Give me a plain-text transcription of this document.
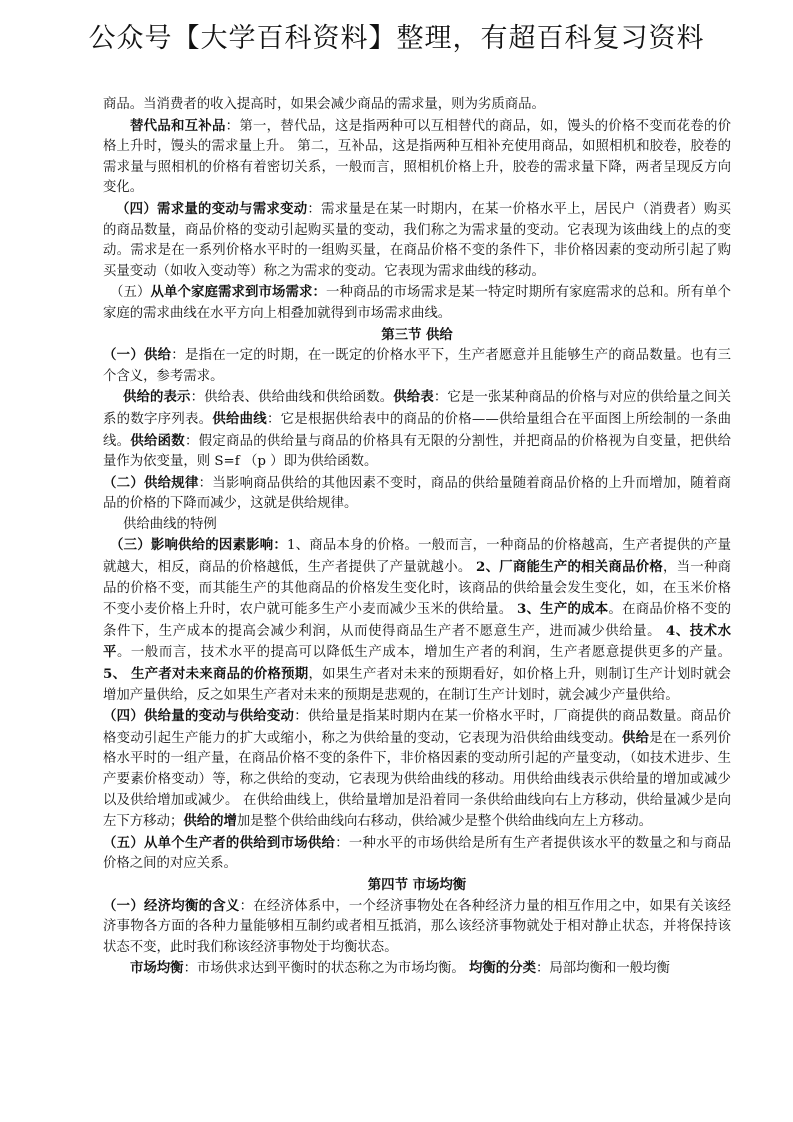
公众号【大学百科资料】整理，有超百科复习资料

商品。当消费者的收入提高时，如果会减少商品的需求量，则为劣质商品。

替代品和互补品：第一，替代品，这是指两种可以互相替代的商品，如，馒头的价格不变而花卷的价格上升时，馒头的需求量上升。 第二，互补品，这是指两种互相补充使用商品，如照相机和胶卷，胶卷的需求量与照相机的价格有着密切关系，一般而言，照相机价格上升，胶卷的需求量下降，两者呈现反方向变化。

（四）需求量的变动与需求变动：需求量是在某一时期内，在某一价格水平上，居民户（消费者）购买的商品数量，商品价格的变动引起购买量的变动，我们称之为需求量的变动。它表现为该曲线上的点的变动。需求是在一系列价格水平时的一组购买量，在商品价格不变的条件下，非价格因素的变动所引起了购买量变动（如收入变动等）称之为需求的变动。它表现为需求曲线的移动。

（五）从单个家庭需求到市场需求：一种商品的市场需求是某一特定时期所有家庭需求的总和。所有单个家庭的需求曲线在水平方向上相叠加就得到市场需求曲线。

第三节 供给

（一）供给：是指在一定的时期，在一既定的价格水平下，生产者愿意并且能够生产的商品数量。也有三个含义，参考需求。

供给的表示：供给表、供给曲线和供给函数。供给表：它是一张某种商品的价格与对应的供给量之间关系的数字序列表。供给曲线：它是根据供给表中的商品的价格——供给量组合在平面图上所绘制的一条曲线。供给函数：假定商品的供给量与商品的价格具有无限的分割性，并把商品的价格视为自变量，把供给量作为依变量，则 S=f （p ）即为供给函数。

（二）供给规律：当影响商品供给的其他因素不变时，商品的供给量随着商品价格的上升而增加，随着商品的价格的下降而减少，这就是供给规律。

供给曲线的特例

（三）影响供给的因素影响：1、商品本身的价格。一般而言，一种商品的价格越高，生产者提供的产量就越大，相反，商品的价格越低，生产者提供了产量就越小。 2、厂商能生产的相关商品价格，当一种商品的价格不变，而其能生产的其他商品的价格发生变化时，该商品的供给量会发生变化，如，在玉米价格不变小麦价格上升时，农户就可能多生产小麦而减少玉米的供给量。 3、生产的成本。在商品价格不变的条件下，生产成本的提高会减少利润，从而使得商品生产者不愿意生产，进而减少供给量。 4、技术水平。一般而言，技术水平的提高可以降低生产成本，增加生产者的利润，生产者愿意提供更多的产量。 5、 生产者对未来商品的价格预期，如果生产者对未来的预期看好，如价格上升，则制订生产计划时就会增加产量供给，反之如果生产者对未来的预期是悲观的，在制订生产计划时，就会减少产量供给。

（四）供给量的变动与供给变动：供给量是指某时期内在某一价格水平时，厂商提供的商品数量。商品价格变动引起生产能力的扩大或缩小，称之为供给量的变动，它表现为沿供给曲线变动。供给是在一系列价格水平时的一组产量，在商品价格不变的条件下，非价格因素的变动所引起的产量变动，（如技术进步、生产要素价格变动）等，称之供给的变动，它表现为供给曲线的移动。用供给曲线表示供给量的增加或减少以及供给增加或减少。 在供给曲线上，供给量增加是沿着同一条供给曲线向右上方移动，供给量减少是向左下方移动；供给的增加是整个供给曲线向右移动，供给减少是整个供给曲线向左上方移动。

（五）从单个生产者的供给到市场供给：一种水平的市场供给是所有生产者提供该水平的数量之和与商品价格之间的对应关系。

第四节 市场均衡

（一）经济均衡的含义：在经济体系中，一个经济事物处在各种经济力量的相互作用之中，如果有关该经济事物各方面的各种力量能够相互制约或者相互抵消，那么该经济事物就处于相对静止状态，并将保持该状态不变，此时我们称该经济事物处于均衡状态。

市场均衡：市场供求达到平衡时的状态称之为市场均衡。 均衡的分类：局部均衡和一般均衡
